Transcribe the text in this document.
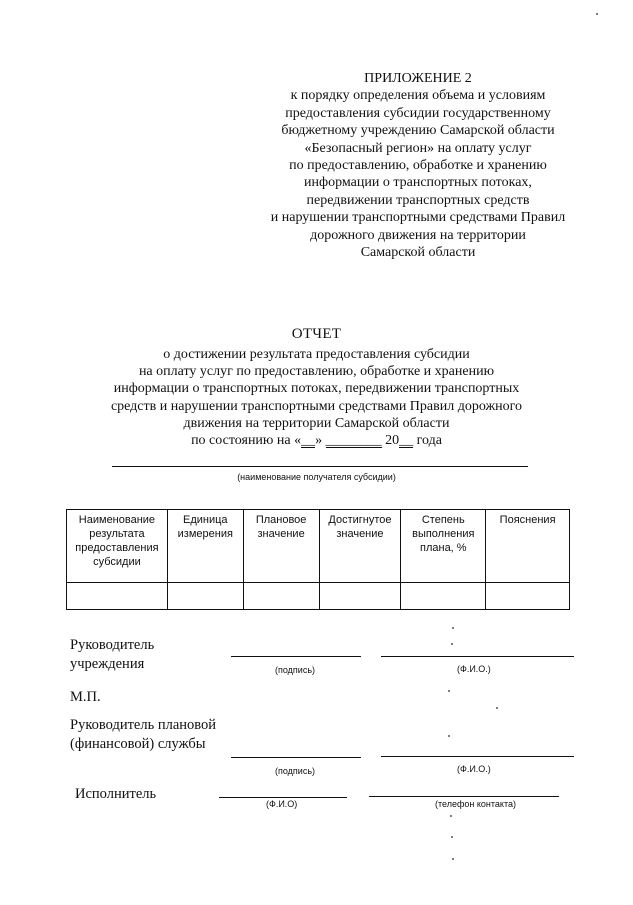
ПРИЛОЖЕНИЕ 2
к порядку определения объема и условиям
предоставления субсидии государственному
бюджетному учреждению Самарской области
«Безопасный регион» на оплату услуг
по предоставлению, обработке и хранению
информации о транспортных потоках,
передвижении транспортных средств
и нарушении транспортными средствами Правил
дорожного движения на территории
Самарской области
ОТЧЕТ
о достижении результата предоставления субсидии
на оплату услуг по предоставлению, обработке и хранению
информации о транспортных потоках, передвижении транспортных
средств и нарушении транспортными средствами Правил дорожного
движения на территории Самарской области
по состоянию на «__» ________ 20__ года
(наименование получателя субсидии)
Наименование результата предоставления субсидии	Единица измерения	Плановое значение	Достигнутое значение	Степень выполнения плана, %	Пояснения

Руководитель
учреждения	(подпись)	(Ф.И.О.)
М.П.
Руководитель плановой
(финансовой) службы
(подпись)	(Ф.И.О.)
Исполнитель
(Ф.И.О)	(телефон контакта)
